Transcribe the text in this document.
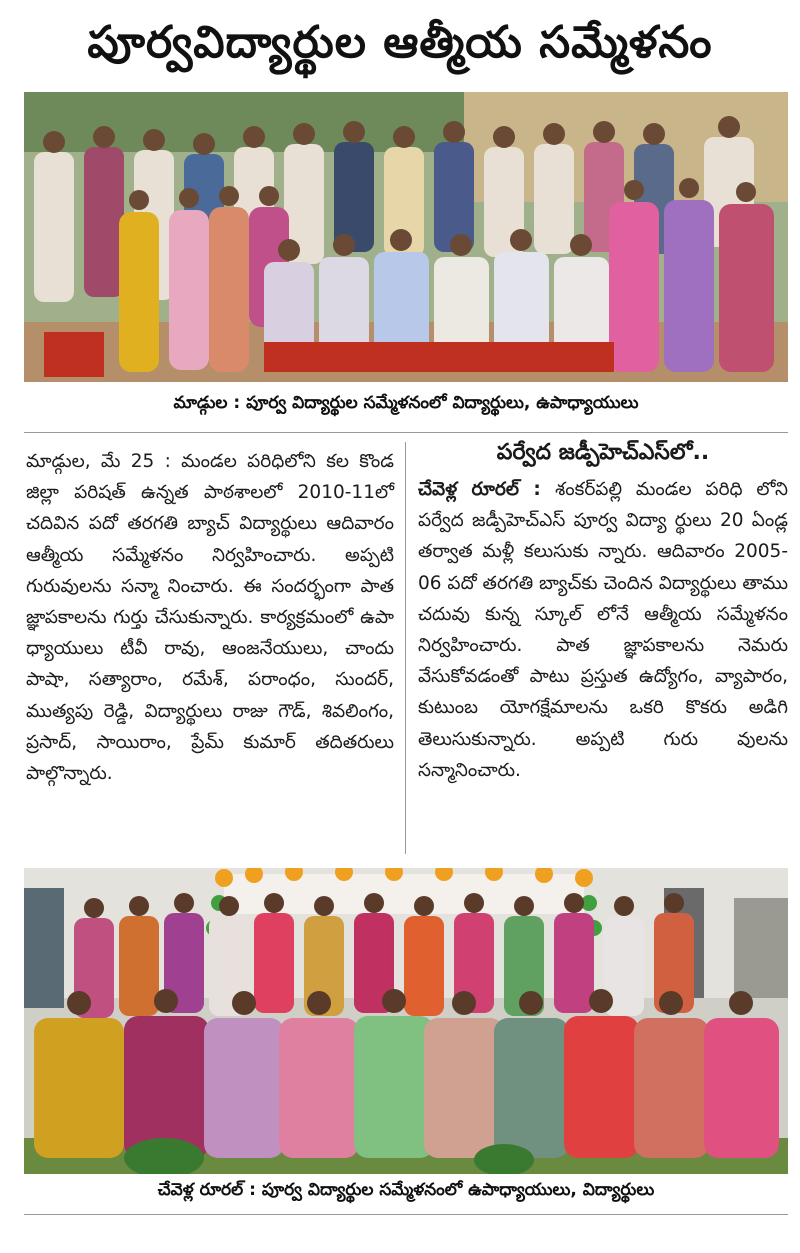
పూర్వవిద్యార్థుల ఆత్మీయ సమ్మేళనం
మాడ్గుల : పూర్వ విద్యార్థుల సమ్మేళనంలో విద్యార్థులు, ఉపాధ్యాయులు
మాడ్గుల, మే 25 : మండల పరిధిలోని కల కొండ జిల్లా పరిషత్ ఉన్నత పాఠశాలలో 2010-11లో చదివిన పదో తరగతి బ్యాచ్ విద్యార్థులు ఆదివారం ఆత్మీయ సమ్మేళనం నిర్వహించారు. అప్పటి గురువులను సన్మా నించారు. ఈ సందర్భంగా పాత జ్ఞాపకాలను గుర్తు చేసుకున్నారు. కార్యక్రమంలో ఉపా ధ్యాయులు టీవీ రావు, ఆంజనేయులు, చాందు పాషా, సత్యారాం, రమేశ్, పరాంధం, సుందర్, ముత్యపు రెడ్డి, విద్యార్థులు రాజు గౌడ్, శివలింగం, ప్రసాద్, సాయిరాం, ప్రేమ్ కుమార్ తదితరులు పాల్గొన్నారు.
పర్వేద జడ్పీహెచ్ఎస్‌లో..
చేవెళ్ల రూరల్ : శంకర్‌పల్లి మండల పరిధి లోని పర్వేద జడ్పీహెచ్ఎస్ పూర్వ విద్యా ర్థులు 20 ఏండ్ల తర్వాత మళ్లీ కలుసుకు న్నారు. ఆదివారం 2005- 06 పదో తరగతి బ్యాచ్‌కు చెందిన విద్యార్థులు తాము చదువు కున్న స్కూల్ లోనే ఆత్మీయ సమ్మేళనం నిర్వహించారు. పాత జ్ఞాపకాలను నెమరు వేసుకోవడంతో పాటు ప్రస్తుత ఉద్యోగం, వ్యాపారం, కుటుంబ యోగక్షేమాలను ఒకరి కొకరు అడిగి తెలుసుకున్నారు. అప్పటి గురు వులను సన్మానించారు.
చేవెళ్ల రూరల్ : పూర్వ విద్యార్థుల సమ్మేళనంలో ఉపాధ్యాయులు, విద్యార్థులు
